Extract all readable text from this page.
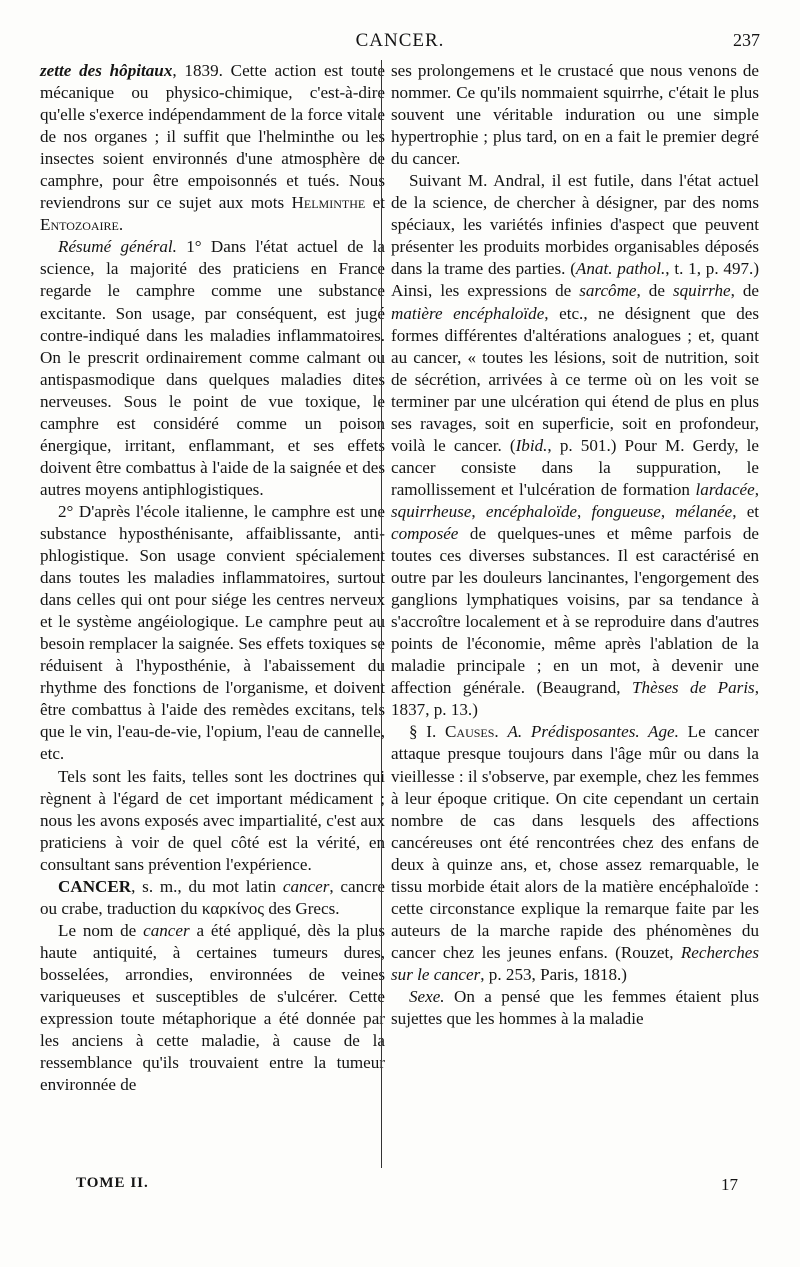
CANCER.	237

zette des hôpitaux, 1839. Cette action est toute mécanique ou physico-chimique, c'est-à-dire qu'elle s'exerce indépendamment de la force vitale de nos organes ; il suffit que l'helminthe ou les insectes soient environnés d'une atmosphère de camphre, pour être empoisonnés et tués. Nous reviendrons sur ce sujet aux mots Helminthe et Entozoaire.

Résumé général. 1° Dans l'état actuel de la science, la majorité des praticiens en France regarde le camphre comme une substance excitante. Son usage, par conséquent, est jugé contre-indiqué dans les maladies inflammatoires. On le prescrit ordinairement comme calmant ou antispasmodique dans quelques maladies dites nerveuses. Sous le point de vue toxique, le camphre est considéré comme un poison énergique, irritant, enflammant, et ses effets doivent être combattus à l'aide de la saignée et des autres moyens antiphlogistiques.

2° D'après l'école italienne, le camphre est une substance hyposthénisante, affaiblissante, anti-phlogistique. Son usage convient spécialement dans toutes les maladies inflammatoires, surtout dans celles qui ont pour siége les centres nerveux et le système angéiologique. Le camphre peut au besoin remplacer la saignée. Ses effets toxiques se réduisent à l'hyposthénie, à l'abaissement du rhythme des fonctions de l'organisme, et doivent être combattus à l'aide des remèdes excitans, tels que le vin, l'eau-de-vie, l'opium, l'eau de cannelle, etc.

Tels sont les faits, telles sont les doctrines qui règnent à l'égard de cet important médicament ; nous les avons exposés avec impartialité, c'est aux praticiens à voir de quel côté est la vérité, en consultant sans prévention l'expérience.

CANCER, s. m., du mot latin cancer, cancre ou crabe, traduction du καρκίνος des Grecs.

Le nom de cancer a été appliqué, dès la plus haute antiquité, à certaines tumeurs dures, bosselées, arrondies, environnées de veines variqueuses et susceptibles de s'ulcérer. Cette expression toute métaphorique a été donnée par les anciens à cette maladie, à cause de la ressemblance qu'ils trouvaient entre la tumeur environnée de

ses prolongemens et le crustacé que nous venons de nommer. Ce qu'ils nommaient squirrhe, c'était le plus souvent une véritable induration ou une simple hypertrophie ; plus tard, on en a fait le premier degré du cancer.

Suivant M. Andral, il est futile, dans l'état actuel de la science, de chercher à désigner, par des noms spéciaux, les variétés infinies d'aspect que peuvent présenter les produits morbides organisables déposés dans la trame des parties. (Anat. pathol., t. 1, p. 497.) Ainsi, les expressions de sarcôme, de squirrhe, de matière encéphaloïde, etc., ne désignent que des formes différentes d'altérations analogues ; et, quant au cancer, « toutes les lésions, soit de nutrition, soit de sécrétion, arrivées à ce terme où on les voit se terminer par une ulcération qui étend de plus en plus ses ravages, soit en superficie, soit en profondeur, voilà le cancer. (Ibid., p. 501.) Pour M. Gerdy, le cancer consiste dans la suppuration, le ramollissement et l'ulcération de formation lardacée, squirrheuse, encéphaloïde, fongueuse, mélanée, et composée de quelques-unes et même parfois de toutes ces diverses substances. Il est caractérisé en outre par les douleurs lancinantes, l'engorgement des ganglions lymphatiques voisins, par sa tendance à s'accroître localement et à se reproduire dans d'autres points de l'économie, même après l'ablation de la maladie principale ; en un mot, à devenir une affection générale. (Beaugrand, Thèses de Paris, 1837, p. 13.)

§ I. Causes. A. Prédisposantes. Age. Le cancer attaque presque toujours dans l'âge mûr ou dans la vieillesse : il s'observe, par exemple, chez les femmes à leur époque critique. On cite cependant un certain nombre de cas dans lesquels des affections cancéreuses ont été rencontrées chez des enfans de deux à quinze ans, et, chose assez remarquable, le tissu morbide était alors de la matière encéphaloïde : cette circonstance explique la remarque faite par les auteurs de la marche rapide des phénomènes du cancer chez les jeunes enfans. (Rouzet, Recherches sur le cancer, p. 253, Paris, 1818.)

Sexe. On a pensé que les femmes étaient plus sujettes que les hommes à la maladie

TOME II.	17
